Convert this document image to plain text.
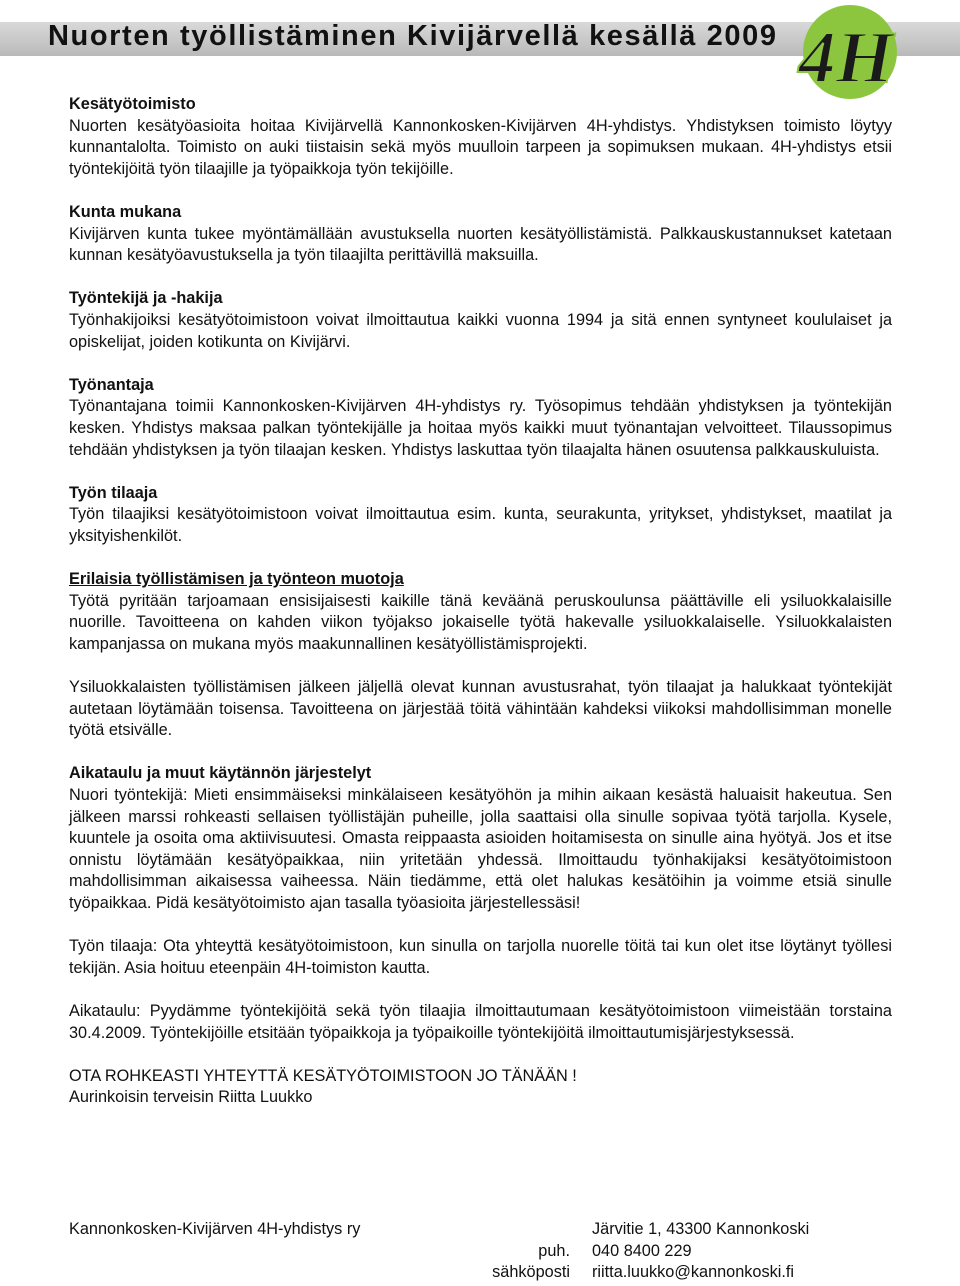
Nuorten työllistäminen Kivijärvellä kesällä 2009 4H
Kesätyötoimisto

Nuorten kesätyöasioita hoitaa Kivijärvellä Kannonkosken-Kivijärven 4H-yhdistys. Yhdistyksen toimisto löytyy kunnantalolta. Toimisto on auki tiistaisin sekä myös muulloin tarpeen ja sopimuksen mukaan. 4H-yhdistys etsii työntekijöitä työn tilaajille ja työpaikkoja työn tekijöille.

Kunta mukana

Kivijärven kunta tukee myöntämällään avustuksella nuorten kesätyöllistämistä. Palkkauskustannukset katetaan kunnan kesätyöavustuksella ja työn tilaajilta perittävillä maksuilla.

Työntekijä ja -hakija

Työnhakijoiksi kesätyötoimistoon voivat ilmoittautua kaikki vuonna 1994 ja sitä ennen syntyneet koululaiset ja opiskelijat, joiden kotikunta on Kivijärvi.

Työnantaja

Työnantajana toimii Kannonkosken-Kivijärven 4H-yhdistys ry. Työsopimus tehdään yhdistyksen ja työntekijän kesken. Yhdistys maksaa palkan työntekijälle ja hoitaa myös kaikki muut työnantajan velvoitteet. Tilaussopimus tehdään yhdistyksen ja työn tilaajan kesken. Yhdistys laskuttaa työn tilaajalta hänen osuutensa palkkauskuluista.

Työn tilaaja

Työn tilaajiksi kesätyötoimistoon voivat ilmoittautua esim. kunta, seurakunta, yritykset, yhdistykset, maatilat ja yksityishenkilöt.

Erilaisia työllistämisen ja työnteon muotoja

Työtä pyritään tarjoamaan ensisijaisesti kaikille tänä keväänä peruskoulunsa päättäville eli ysiluokkalaisille nuorille. Tavoitteena on kahden viikon työjakso jokaiselle työtä hakevalle ysiluokkalaiselle. Ysiluokkalaisten kampanjassa on mukana myös maakunnallinen kesätyöllistämisprojekti.

Ysiluokkalaisten työllistämisen jälkeen jäljellä olevat kunnan avustusrahat, työn tilaajat ja halukkaat työntekijät autetaan löytämään toisensa. Tavoitteena on järjestää töitä vähintään kahdeksi viikoksi mahdollisimman monelle työtä etsivälle.

Aikataulu ja muut käytännön järjestelyt

Nuori työntekijä: Mieti ensimmäiseksi minkälaiseen kesätyöhön ja mihin aikaan kesästä haluaisit hakeutua. Sen jälkeen marssi rohkeasti sellaisen työllistäjän puheille, jolla saattaisi olla sinulle sopivaa työtä tarjolla. Kysele, kuuntele ja osoita oma aktiivisuutesi. Omasta reippaasta asioiden hoitamisesta on sinulle aina hyötyä. Jos et itse onnistu löytämään kesätyöpaikkaa, niin yritetään yhdessä. Ilmoittaudu työnhakijaksi kesätyötoimistoon mahdollisimman aikaisessa vaiheessa. Näin tiedämme, että olet halukas kesätöihin ja voimme etsiä sinulle työpaikkaa. Pidä kesätyötoimisto ajan tasalla työasioita järjestellessäsi!

Työn tilaaja: Ota yhteyttä kesätyötoimistoon, kun sinulla on tarjolla nuorelle töitä tai kun olet itse löytänyt työllesi tekijän. Asia hoituu eteenpäin 4H-toimiston kautta.

Aikataulu: Pyydämme työntekijöitä sekä työn tilaajia ilmoittautumaan kesätyötoimistoon viimeistään torstaina 30.4.2009. Työntekijöille etsitään työpaikkoja ja työpaikoille työntekijöitä ilmoittautumisjärjestyksessä.

OTA ROHKEASTI YHTEYTTÄ KESÄTYÖTOIMISTOON JO TÄNÄÄN !
Aurinkoisin terveisin Riitta Luukko
Kannonkosken-Kivijärven 4H-yhdistys ry	Järvitie 1, 43300 Kannonkoski
puh. 040 8400 229
sähköposti riitta.luukko@kannonkoski.fi
